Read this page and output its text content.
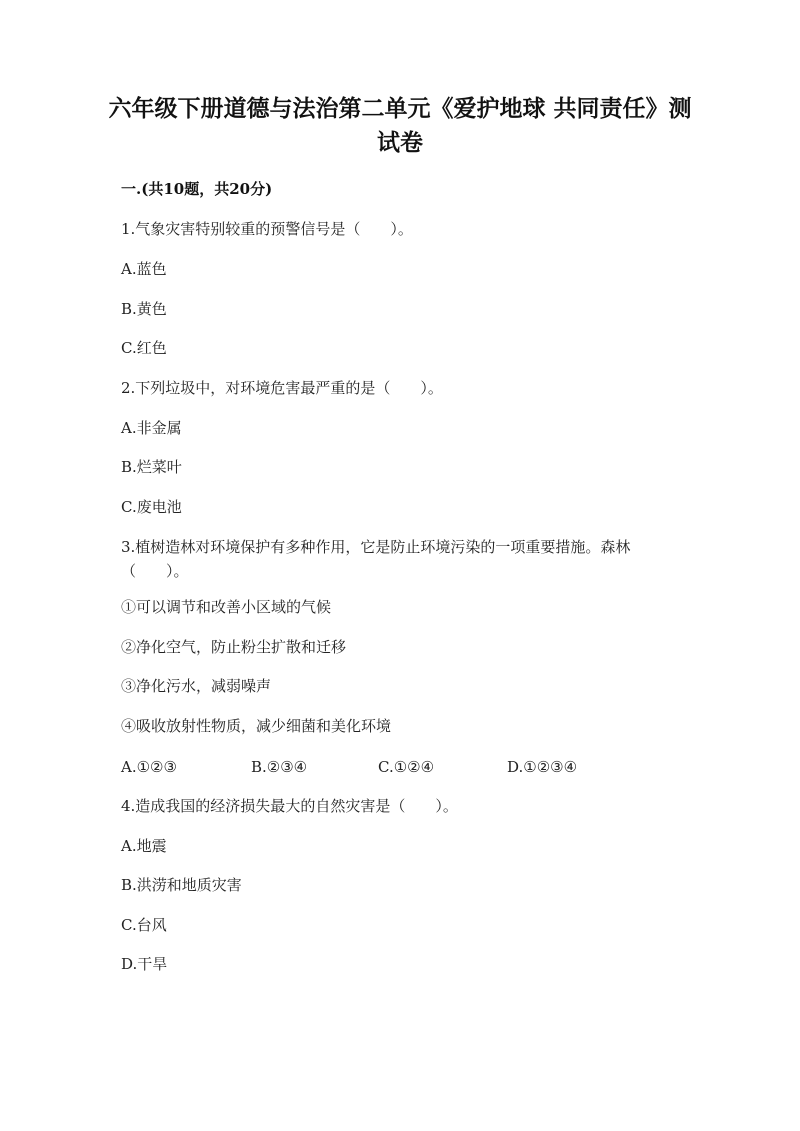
六年级下册道德与法治第二单元《爱护地球 共同责任》测试卷
一.(共10题，共20分)
1.气象灾害特别较重的预警信号是（　　）。
A.蓝色
B.黄色
C.红色
2.下列垃圾中，对环境危害最严重的是（　　）。
A.非金属
B.烂菜叶
C.废电池
3.植树造林对环境保护有多种作用，它是防止环境污染的一项重要措施。森林（　　）。
①可以调节和改善小区域的气候
②净化空气，防止粉尘扩散和迁移
③净化污水，减弱噪声
④吸收放射性物质，减少细菌和美化环境
A.①②③	B.②③④	C.①②④	D.①②③④
4.造成我国的经济损失最大的自然灾害是（　　）。
A.地震
B.洪涝和地质灾害
C.台风
D.干旱
